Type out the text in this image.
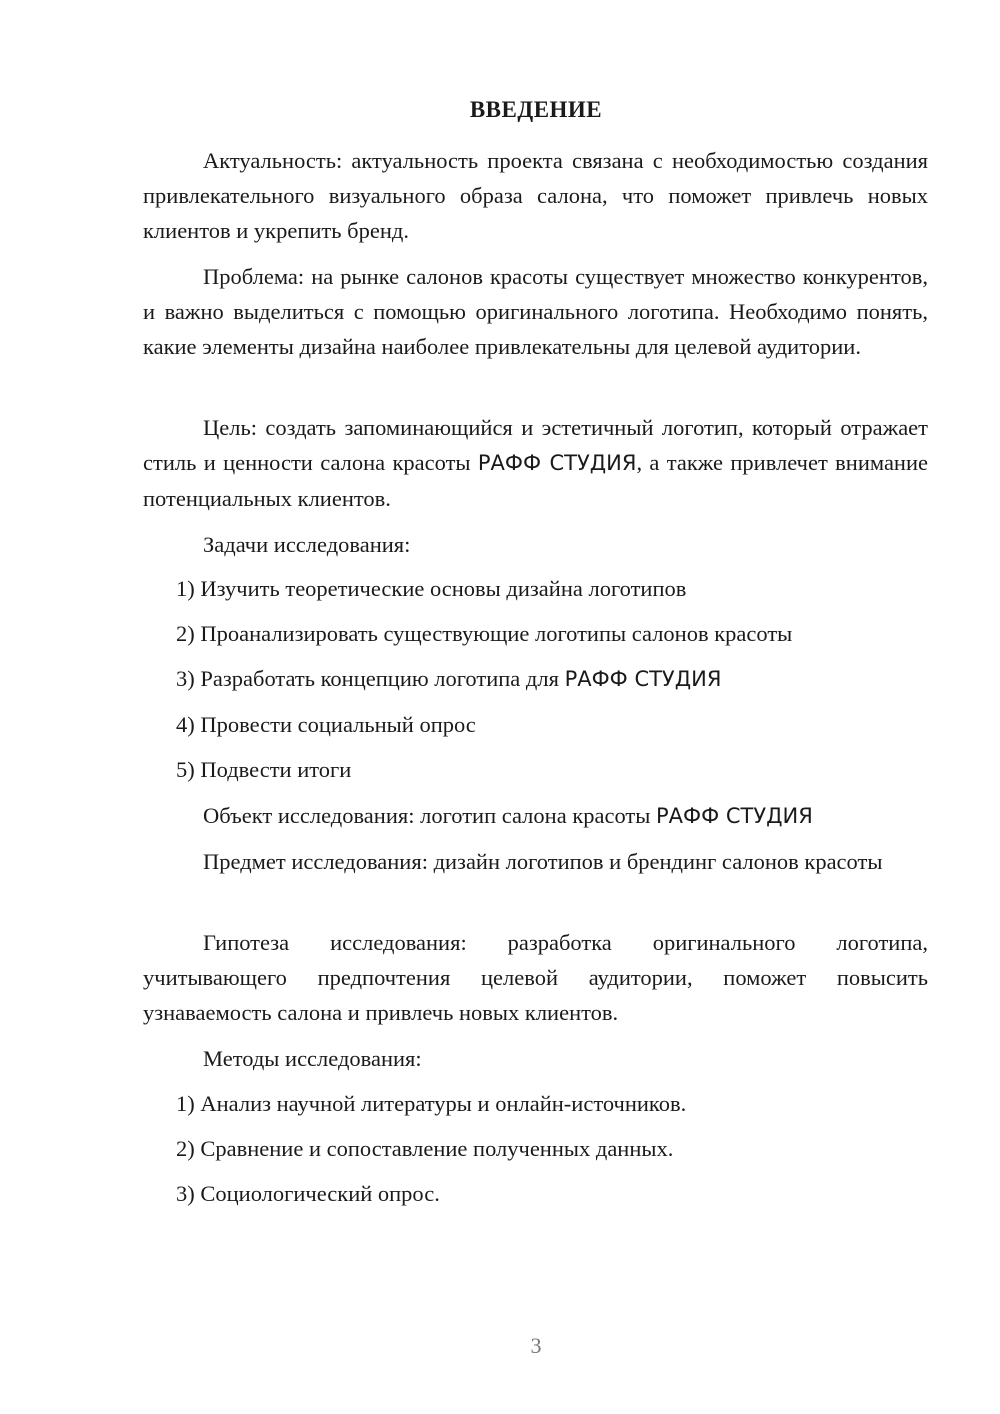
ВВЕДЕНИЕ

Актуальность: актуальность проекта связана с необходимостью создания привлекательного визуального образа салона, что поможет привлечь новых клиентов и укрепить бренд.

Проблема: на рынке салонов красоты существует множество конкурентов, и важно выделиться с помощью оригинального логотипа. Необходимо понять, какие элементы дизайна наиболее привлекательны для целевой аудитории.

Цель: создать запоминающийся и эстетичный логотип, который отражает стиль и ценности салона красоты РАФФ СТУДИЯ, а также привлечет внимание потенциальных клиентов.

Задачи исследования:
1) Изучить теоретические основы дизайна логотипов
2) Проанализировать существующие логотипы салонов красоты
3) Разработать концепцию логотипа для РАФФ СТУДИЯ
4) Провести социальный опрос
5) Подвести итоги
Объект исследования: логотип салона красоты РАФФ СТУДИЯ

Предмет исследования: дизайн логотипов и брендинг салонов красоты

Гипотеза исследования: разработка оригинального логотипа, учитывающего предпочтения целевой аудитории, поможет повысить узнаваемость салона и привлечь новых клиентов.

Методы исследования:
1) Анализ научной литературы и онлайн-источников.
2) Сравнение и сопоставление полученных данных.
3) Социологический опрос.
3
